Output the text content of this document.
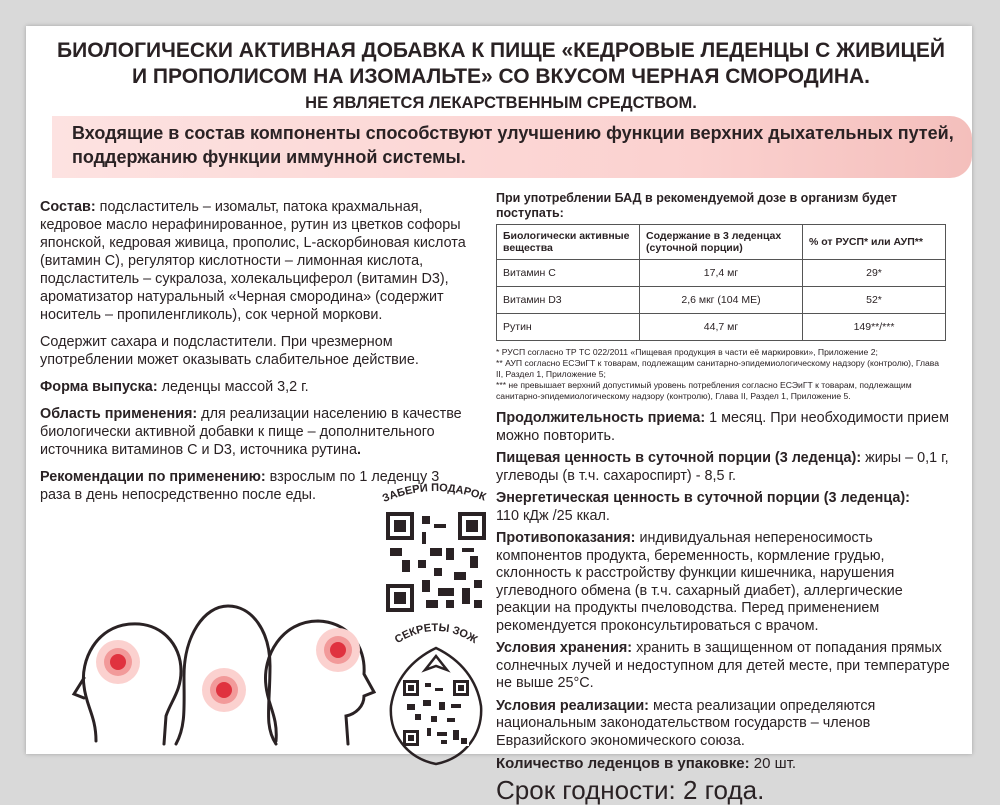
БИОЛОГИЧЕСКИ АКТИВНАЯ ДОБАВКА К ПИЩЕ «КЕДРОВЫЕ ЛЕДЕНЦЫ С ЖИВИЦЕЙ И ПРОПОЛИСОМ НА ИЗОМАЛЬТЕ» СО ВКУСОМ ЧЕРНАЯ СМОРОДИНА.
НЕ ЯВЛЯЕТСЯ ЛЕКАРСТВЕННЫМ СРЕДСТВОМ.
Входящие в состав компоненты способствуют улучшению функции верхних дыхательных путей, поддержанию функции иммунной системы.

Состав: подсластитель – изомальт, патока крахмальная, кедровое масло нерафинированное, рутин из цветков софоры японской, кедровая живица, прополис, L-аскорбиновая кислота (витамин С), регулятор кислотности – лимонная кислота, подсластитель – сукралоза, холекальциферол (витамин D3), ароматизатор натуральный «Черная смородина» (содержит носитель – пропиленгликоль), сок черной моркови.

Содержит сахара и подсластители. При чрезмерном употреблении может оказывать слабительное действие.

Форма выпуска: леденцы массой 3,2 г.

Область применения: для реализации населению в качестве биологически активной добавки к пище – дополнительного источника витаминов С и D3, источника рутина.

Рекомендации по применению: взрослым по 1 леденцу 3 раза в день непосредственно после еды.	ЗАБЕРИ ПОДАРОК
СЕКРЕТЫ ЗОЖ

При употреблении БАД в рекомендуемой дозе в организм будет поступать:

Биологически активные вещества	Содержание в 3 леденцах (суточной порции)	% от РУСП* или АУП**
Витамин С	17,4 мг	29*
Витамин D3	2,6 мкг (104 МЕ)	52*
Рутин	44,7 мг	149**/***
* РУСП согласно ТР ТС 022/2011 «Пищевая продукция в части её маркировки», Приложение 2;
** АУП согласно ЕСЭиГТ к товарам, подлежащим санитарно-эпидемиологическому надзору (контролю), Глава II, Раздел 1, Приложение 5;
*** не превышает верхний допустимый уровень потребления согласно ЕСЭиГТ к товарам, подлежащим санитарно-эпидемиологическому надзору (контролю), Глава II, Раздел 1, Приложение 5.

Продолжительность приема: 1 месяц. При необходимости прием можно повторить.

Пищевая ценность в суточной порции (3 леденца): жиры – 0,1 г, углеводы (в т.ч. сахароспирт) - 8,5 г.

Энергетическая ценность в суточной порции (3 леденца):
110 кДж /25 ккал.

Противопоказания: индивидуальная непереносимость компонентов продукта, беременность, кормление грудью, склонность к расстройству функции кишечника, нарушения углеводного обмена (в т.ч. сахарный диабет), аллергические реакции на продукты пчеловодства. Перед применением рекомендуется проконсультироваться с врачом.

Условия хранения: хранить в защищенном от попадания прямых солнечных лучей и недоступном для детей месте, при температуре не выше 25°С.

Условия реализации: места реализации определяются национальным законодательством государств – членов Евразийского экономического союза.

Количество леденцов в упаковке: 20 шт.
Срок годности: 2 года.
